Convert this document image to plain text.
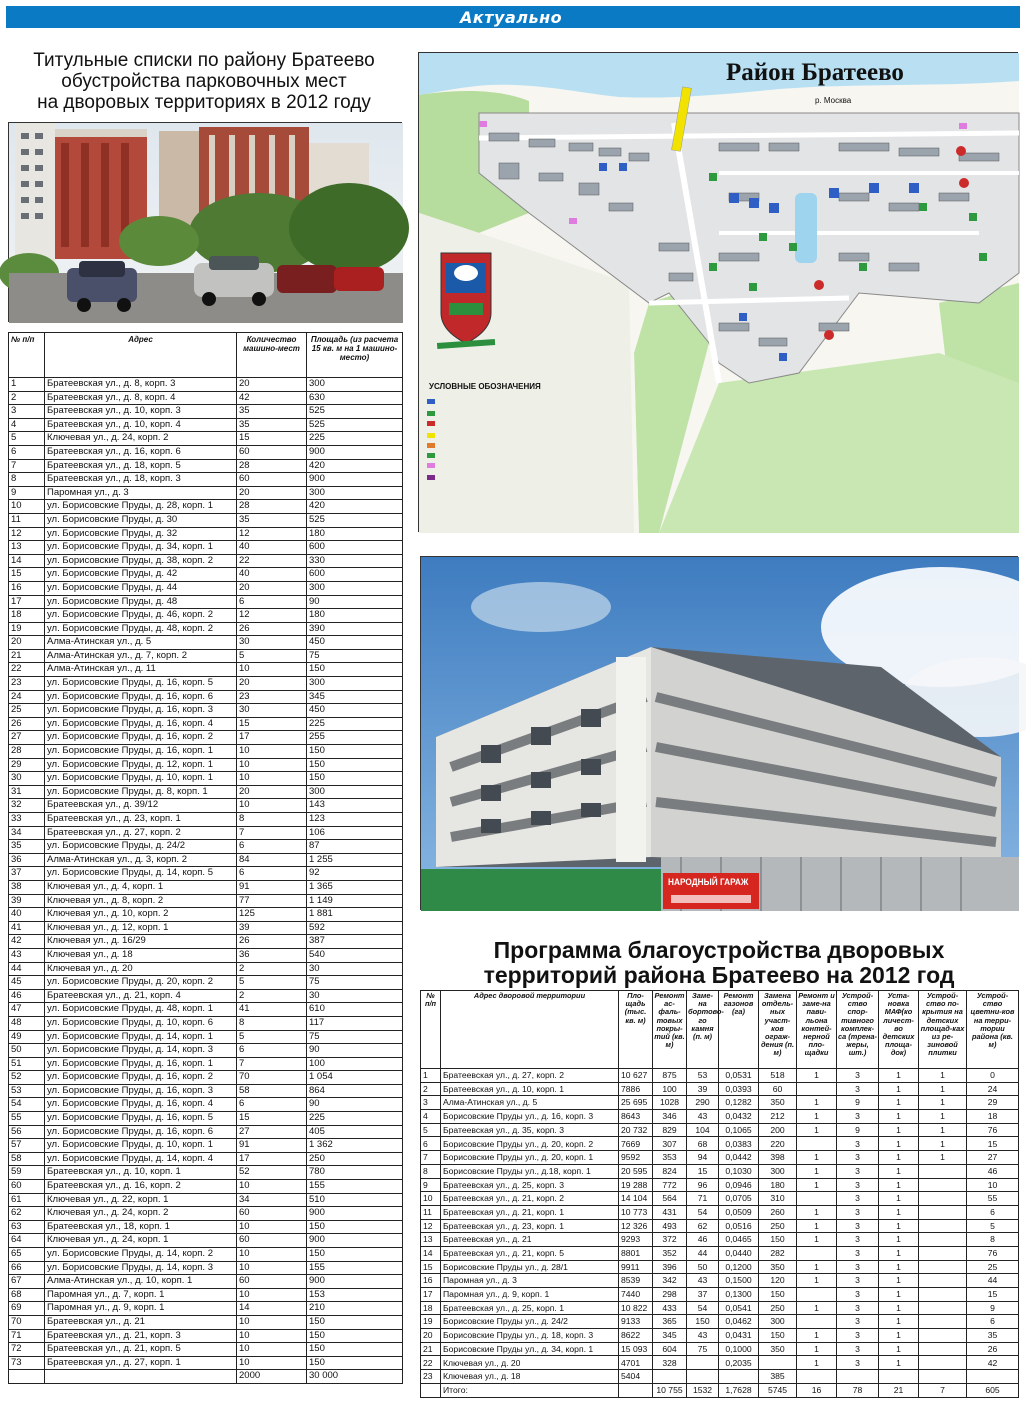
Актуально
Титульные списки по району Братеево
обустройства парковочных мест
на дворовых территориях в 2012 году
№ п/п	Адрес	Количество машино-мест	Площадь (из расчета 15 кв. м на 1 машино-место)
1	Братеевская ул., д. 8, корп. 3	20	300
2	Братеевская ул., д. 8, корп. 4	42	630
3	Братеевская ул., д. 10, корп. 3	35	525
4	Братеевская ул., д. 10, корп. 4	35	525
5	Ключевая ул., д. 24, корп. 2	15	225
6	Братеевская ул., д. 16, корп. 6	60	900
7	Братеевская ул., д. 18, корп. 5	28	420
8	Братеевская ул., д. 18, корп. 3	60	900
9	Паромная ул., д. 3	20	300
10	ул. Борисовские Пруды, д. 28, корп. 1	28	420
11	ул. Борисовские Пруды, д. 30	35	525
12	ул. Борисовские Пруды, д. 32	12	180
13	ул. Борисовские Пруды, д. 34, корп. 1	40	600
14	ул. Борисовские Пруды, д. 38, корп. 2	22	330
15	ул. Борисовские Пруды, д. 42	40	600
16	ул. Борисовские Пруды, д. 44	20	300
17	ул. Борисовские Пруды, д. 48	6	90
18	ул. Борисовские Пруды, д. 46, корп. 2	12	180
19	ул. Борисовские Пруды, д. 48, корп. 2	26	390
20	Алма-Атинская ул., д. 5	30	450
21	Алма-Атинская ул., д. 7, корп. 2	5	75
22	Алма-Атинская ул., д. 11	10	150
23	ул. Борисовские Пруды, д. 16, корп. 5	20	300
24	ул. Борисовские Пруды, д. 16, корп. 6	23	345
25	ул. Борисовские Пруды, д. 16, корп. 3	30	450
26	ул. Борисовские Пруды, д. 16, корп. 4	15	225
27	ул. Борисовские Пруды, д. 16, корп. 2	17	255
28	ул. Борисовские Пруды, д. 16, корп. 1	10	150
29	ул. Борисовские Пруды, д. 12, корп. 1	10	150
30	ул. Борисовские Пруды, д. 10, корп. 1	10	150
31	ул. Борисовские Пруды, д. 8, корп. 1	20	300
32	Братеевская ул., д. 39/12	10	143
33	Братеевская ул., д. 23, корп. 1	8	123
34	Братеевская ул., д. 27, корп. 2	7	106
35	ул. Борисовские Пруды, д. 24/2	6	87
36	Алма-Атинская ул., д. 3, корп. 2	84	1 255
37	ул. Борисовские Пруды, д. 14, корп. 5	6	92
38	Ключевая ул., д. 4, корп. 1	91	1 365
39	Ключевая ул., д. 8, корп. 2	77	1 149
40	Ключевая ул., д. 10, корп. 2	125	1 881
41	Ключевая ул., д. 12, корп. 1	39	592
42	Ключевая ул., д. 16/29	26	387
43	Ключевая ул., д. 18	36	540
44	Ключевая ул., д. 20	2	30
45	ул. Борисовские Пруды, д. 20, корп. 2	5	75
46	Братеевская ул., д. 21, корп. 4	2	30
47	ул. Борисовские Пруды, д. 48, корп. 1	41	610
48	ул. Борисовские Пруды, д. 10, корп. 6	8	117
49	ул. Борисовские Пруды, д. 14, корп. 1	5	75
50	ул. Борисовские Пруды, д. 14, корп. 3	6	90
51	ул. Борисовские Пруды, д. 16, корп. 1	7	100
52	ул. Борисовские Пруды, д. 16, корп. 2	70	1 054
53	ул. Борисовские Пруды, д. 16, корп. 3	58	864
54	ул. Борисовские Пруды, д. 16, корп. 4	6	90
55	ул. Борисовские Пруды, д. 16, корп. 5	15	225
56	ул. Борисовские Пруды, д. 16, корп. 6	27	405
57	ул. Борисовские Пруды, д. 10, корп. 1	91	1 362
58	ул. Борисовские Пруды, д. 14, корп. 4	17	250
59	Братеевская ул., д. 10, корп. 1	52	780
60	Братеевская ул., д. 16, корп. 2	10	155
61	Ключевая ул., д. 22, корп. 1	34	510
62	Ключевая ул., д. 24, корп. 2	60	900
63	Братеевская ул., 18, корп. 1	10	150
64	Ключевая ул., д. 24, корп. 1	60	900
65	ул. Борисовские Пруды, д. 14, корп. 2	10	150
66	ул. Борисовские Пруды, д. 14, корп. 3	10	155
67	Алма-Атинская ул., д. 10, корп. 1	60	900
68	Паромная ул., д. 7, корп. 1	10	153
69	Паромная ул., д. 9, корп. 1	14	210
70	Братеевская ул., д. 21	10	150
71	Братеевская ул., д. 21, корп. 3	10	150
72	Братеевская ул., д. 21, корп. 5	10	150
73	Братеевская ул., д. 27, корп. 1	10	150
		2000	30 000
Район Братеево
р. Москва
УСЛОВНЫЕ ОБОЗНАЧЕНИЯ
НАРОДНЫЙ ГАРАЖ
Программа благоустройства дворовых
территорий района Братеево на 2012 год
№ п/п	Адрес дворовой территории	Пло-щадь (тыс. кв. м)	Ремонт ас-фаль-товых покры-тий (кв. м)	Заме-на бортово-го камня (п. м)	Ремонт газонов (га)	Замена отдель-ных участ-ков ограж-дения (п. м)	Ремонт и заме-на пави-льона контей-нерной пло-щадки	Устрой-ство спор-тивного комплек-са (трена-жеры, шт.)	Уста-новка МАФ(ко личест-во детских площа-док)	Устрой-ство по-крытия на детских площад-ках из ре-зиновой плитки	Устрой-ство цветни-ков на терри-тории района (кв. м)
1	Братеевская ул., д. 27, корп. 2	10 627	875	53	0,0531	518	1	3	1	1	0
2	Братеевская ул., д. 10, корп. 1	7886	100	39	0,0393	60		3	1	1	24
3	Алма-Атинская ул., д. 5	25 695	1028	290	0,1282	350	1	9	1	1	29
4	Борисовские Пруды ул., д. 16, корп. 3	8643	346	43	0,0432	212	1	3	1	1	18
5	Братеевская ул., д. 35, корп. 3	20 732	829	104	0,1065	200	1	9	1	1	76
6	Борисовские Пруды ул., д. 20, корп. 2	7669	307	68	0,0383	220		3	1	1	15
7	Борисовские Пруды ул., д. 20, корп. 1	9592	353	94	0,0442	398	1	3	1	1	27
8	Борисовские Пруды ул., д.18, корп. 1	20 595	824	15	0,1030	300	1	3	1		46
9	Братеевская ул., д. 25, корп. 3	19 288	772	96	0,0946	180	1	3	1		10
10	Братеевская ул., д. 21, корп. 2	14 104	564	71	0,0705	310		3	1		55
11	Братеевская ул., д. 21, корп. 1	10 773	431	54	0,0509	260	1	3	1		6
12	Братеевская ул., д. 23, корп. 1	12 326	493	62	0,0516	250	1	3	1		5
13	Братеевская ул., д. 21	9293	372	46	0,0465	150	1	3	1		8
14	Братеевская ул., д. 21, корп. 5	8801	352	44	0,0440	282		3	1		76
15	Борисовские Пруды ул., д. 28/1	9911	396	50	0,1200	350	1	3	1		25
16	Паромная ул., д. 3	8539	342	43	0,1500	120	1	3	1		44
17	Паромная ул., д. 9, корп. 1	7440	298	37	0,1300	150		3	1		15
18	Братеевская ул., д. 25, корп. 1	10 822	433	54	0,0541	250	1	3	1		9
19	Борисовские Пруды ул., д. 24/2	9133	365	150	0,0462	300		3	1		6
20	Борисовские Пруды ул., д. 18, корп. 3	8622	345	43	0,0431	150	1	3	1		35
21	Борисовские Пруды ул., д. 34, корп. 1	15 093	604	75	0,1000	350	1	3	1		26
22	Ключевая ул., д. 20	4701	328		0,2035		1	3	1		42
23	Ключевая ул., д. 18	5404				385					
	Итого:		10 755	1532	1,7628	5745	16	78	21	7	605
